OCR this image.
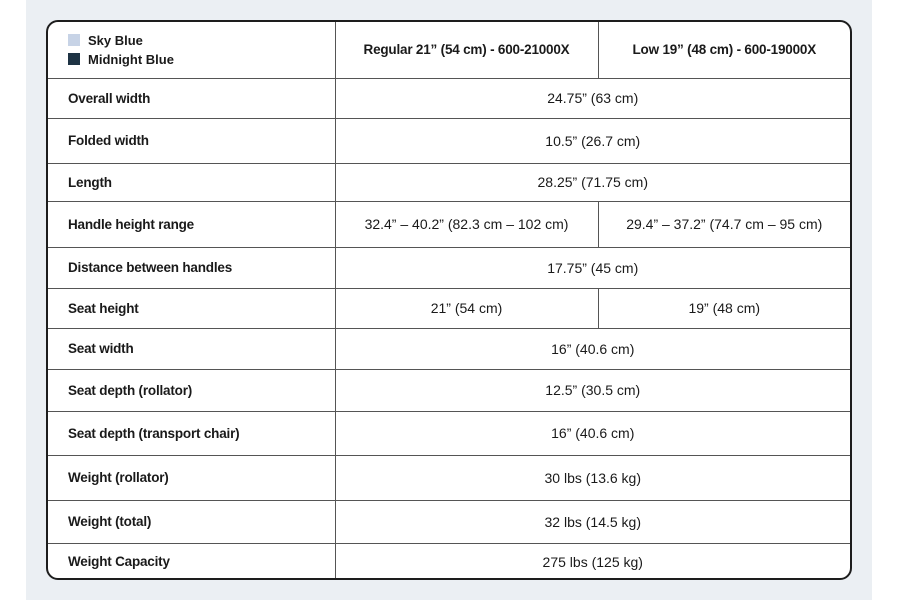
Sky Blue
Midnight Blue	Regular 21” (54 cm) - 600-21000X	Low 19” (48 cm) - 600-19000X
Overall width	24.75” (63 cm)	
Folded width	10.5” (26.7 cm)	
Length	28.25” (71.75 cm)	
Handle height range	32.4” – 40.2” (82.3 cm – 102 cm)	29.4” – 37.2” (74.7 cm – 95 cm)
Distance between handles	17.75” (45 cm)	
Seat height	21” (54 cm)	19” (48 cm)
Seat width	16” (40.6 cm)	
Seat depth (rollator)	12.5” (30.5 cm)	
Seat depth (transport chair)	16” (40.6 cm)	
Weight (rollator)	30 lbs (13.6 kg)	
Weight (total)	32 lbs (14.5 kg)	
Weight Capacity	275 lbs (125 kg)	
